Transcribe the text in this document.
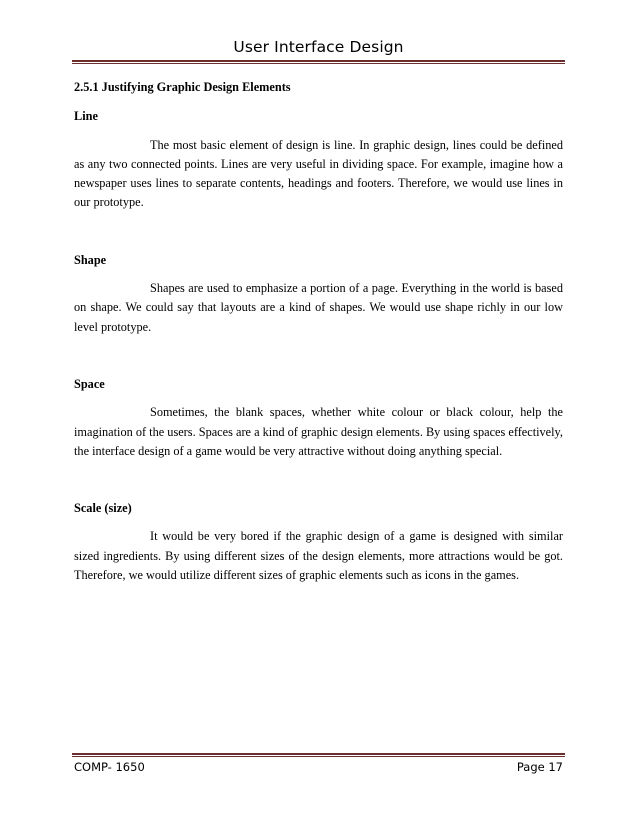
User Interface Design

2.5.1 Justifying Graphic Design Elements

Line

The most basic element of design is line. In graphic design, lines could be defined as any two connected points. Lines are very useful in dividing space. For example, imagine how a newspaper uses lines to separate contents, headings and footers. Therefore, we would use lines in our prototype.

Shape

Shapes are used to emphasize a portion of a page. Everything in the world is based on shape. We could say that layouts are a kind of shapes. We would use shape richly in our low level prototype.

Space

Sometimes, the blank spaces, whether white colour or black colour, help the imagination of the users. Spaces are a kind of graphic design elements. By using spaces effectively, the interface design of a game would be very attractive without doing anything special.

Scale (size)

It would be very bored if the graphic design of a game is designed with similar sized ingredients. By using different sizes of the design elements, more attractions would be got. Therefore, we would utilize different sizes of graphic elements such as icons in the games.

COMP- 1650	Page 17
